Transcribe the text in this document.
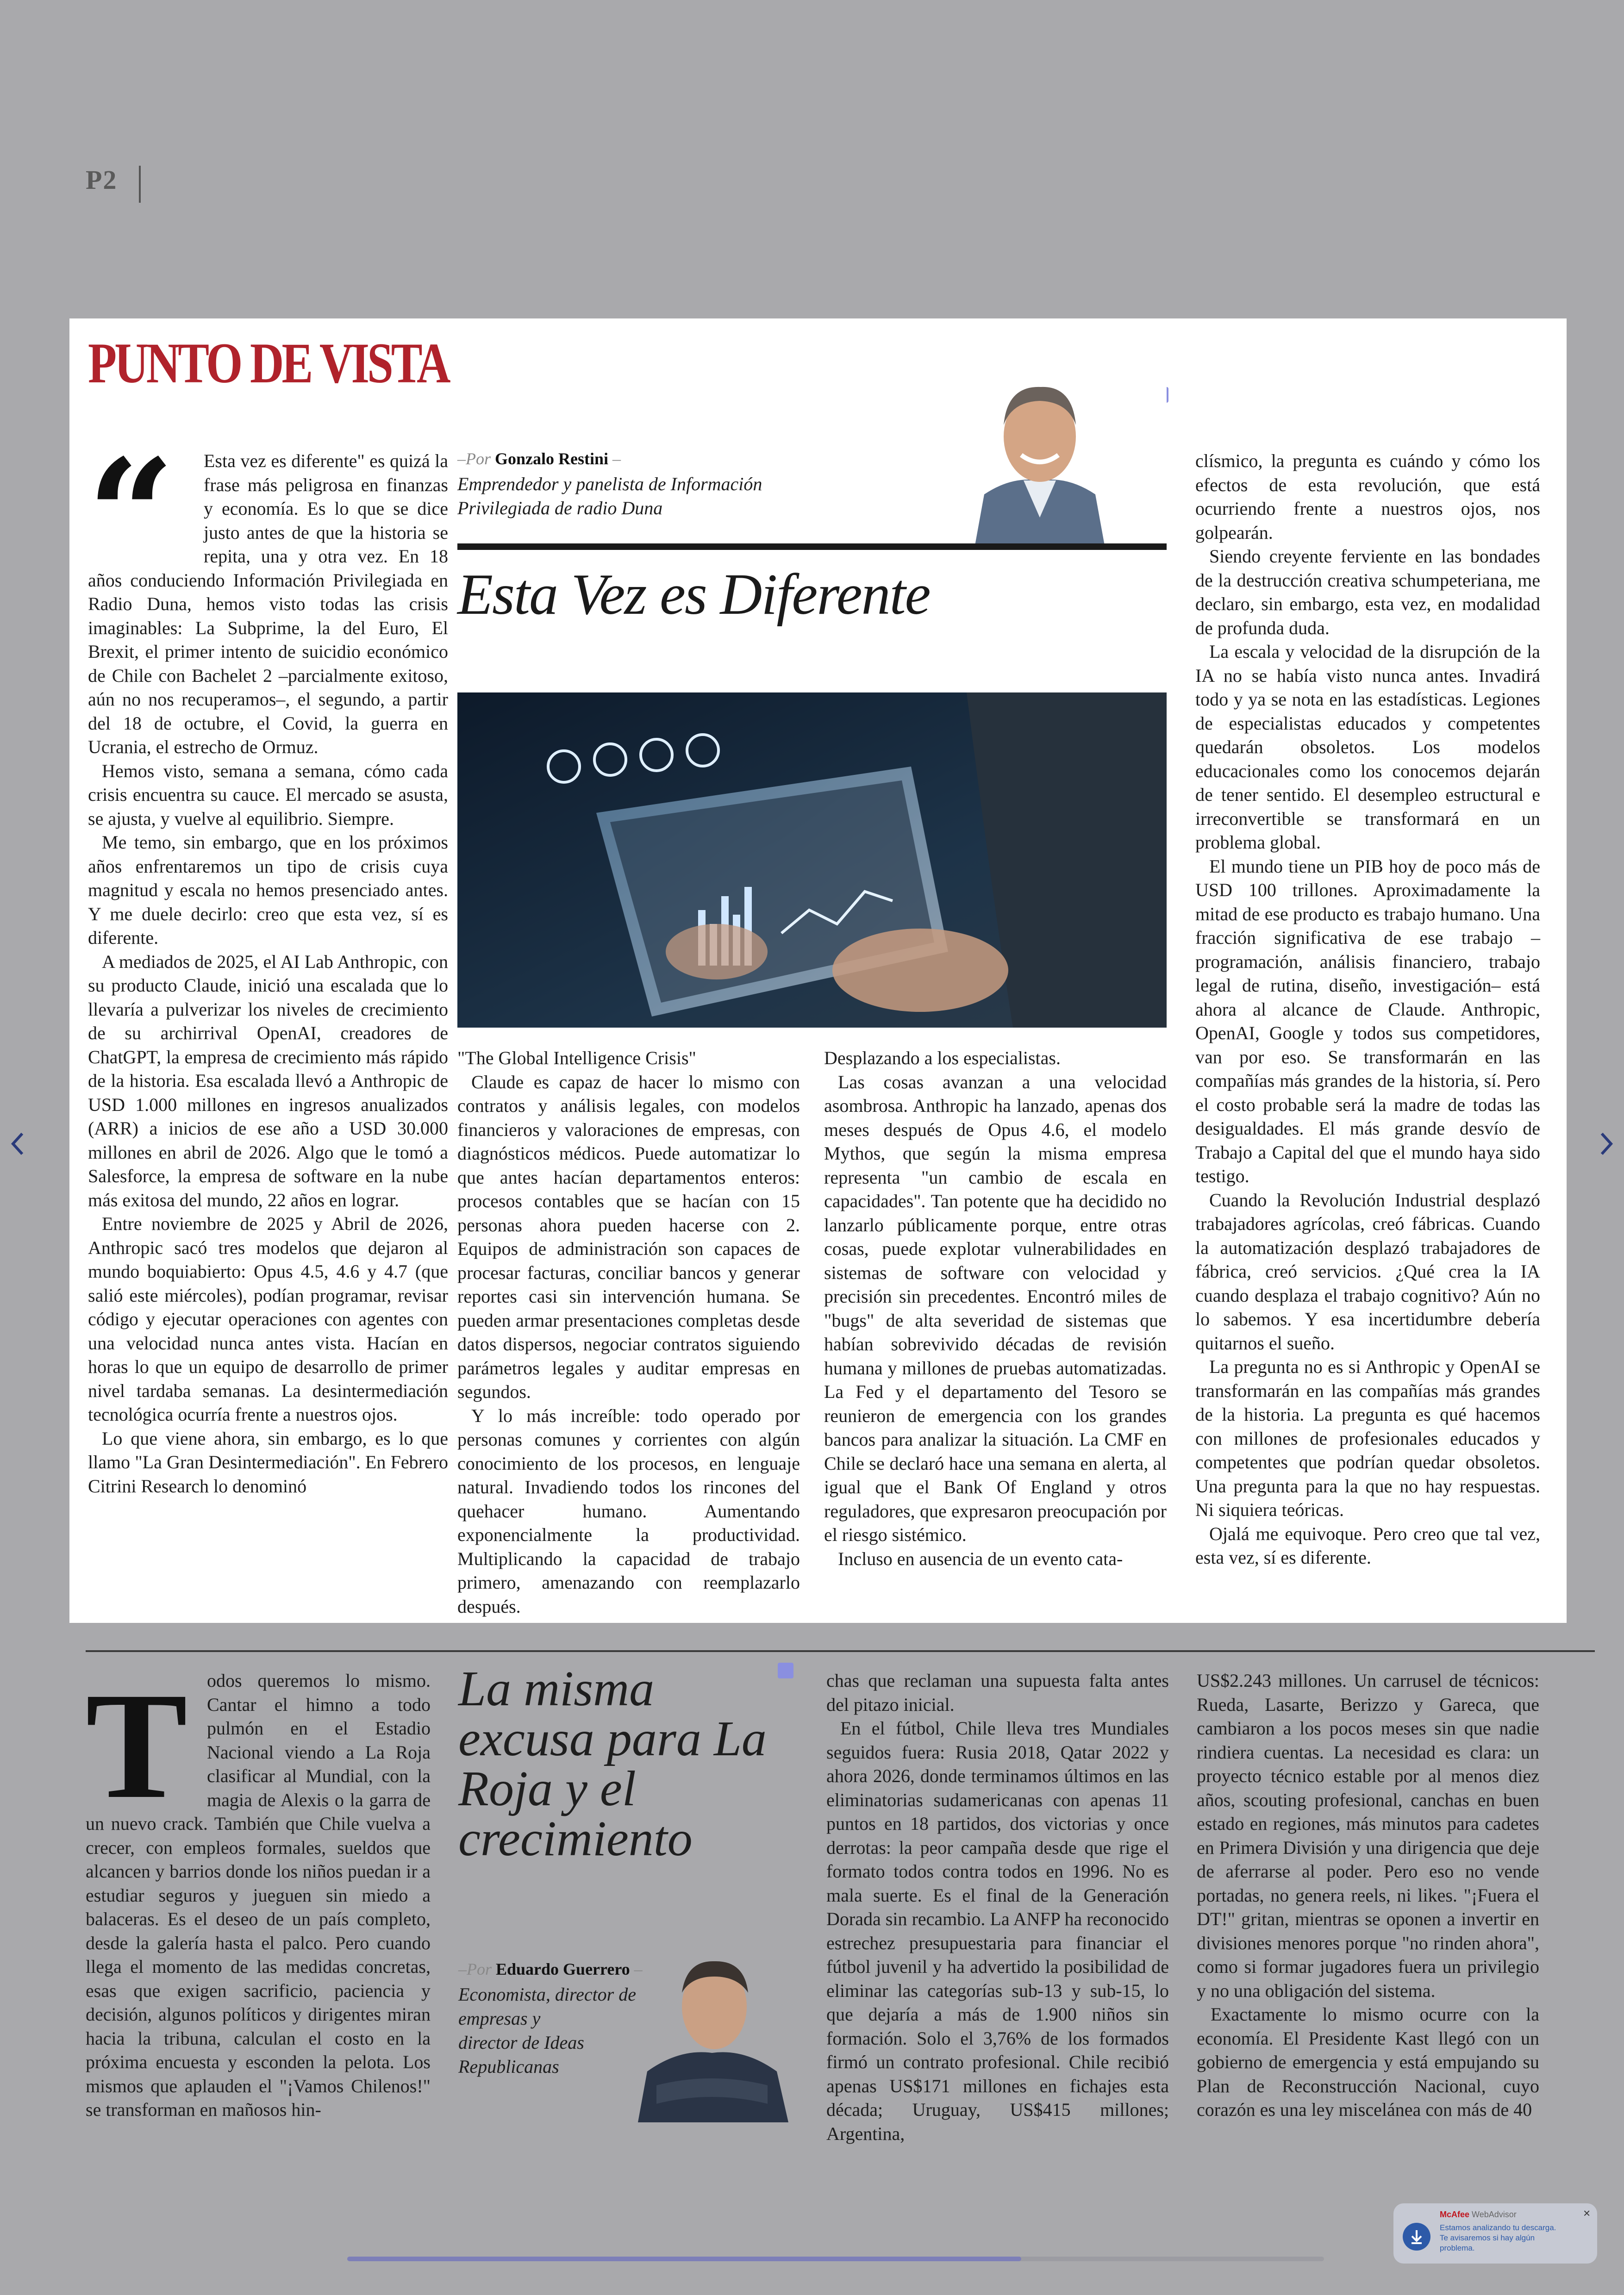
P2
PUNTO DE VISTA
–Por Gonzalo Restini –
Emprendedor y panelista de Información
Privilegiada de radio Duna
Esta Vez es Diferente
“	Esta vez es diferente" es quizá la frase más peligrosa en finanzas y economía. Es lo que se dice justo antes de que la historia se repita, una y otra vez. En 18 años conduciendo Información Privilegiada en Radio Duna, hemos visto todas las crisis imaginables: La Subprime, la del Euro, El Brexit, el primer intento de suicidio económico de Chile con Bachelet 2 –parcialmente exitoso, aún no nos recuperamos–, el segundo, a partir del 18 de octubre, el Covid, la guerra en Ucrania, el estrecho de Ormuz.

Hemos visto, semana a semana, cómo cada crisis encuentra su cauce. El mercado se asusta, se ajusta, y vuelve al equilibrio. Siempre.

Me temo, sin embargo, que en los próximos años enfrentaremos un tipo de crisis cuya magnitud y escala no hemos presenciado antes. Y me duele decirlo: creo que esta vez, sí es diferente.

A mediados de 2025, el AI Lab Anthropic, con su producto Claude, inició una escalada que lo llevaría a pulverizar los niveles de crecimiento de su archirrival OpenAI, creadores de ChatGPT, la empresa de crecimiento más rápido de la historia. Esa escalada llevó a Anthropic de USD 1.000 millones en ingresos anualizados (ARR) a inicios de ese año a USD 30.000 millones en abril de 2026. Algo que le tomó a Salesforce, la empresa de software en la nube más exitosa del mundo, 22 años en lograr.

Entre noviembre de 2025 y Abril de 2026, Anthropic sacó tres modelos que dejaron al mundo boquiabierto: Opus 4.5, 4.6 y 4.7 (que salió este miércoles), podían programar, revisar código y ejecutar operaciones con agentes con una velocidad nunca antes vista. Hacían en horas lo que un equipo de desarrollo de primer nivel tardaba semanas. La desintermediación tecnológica ocurría frente a nuestros ojos.

Lo que viene ahora, sin embargo, es lo que llamo "La Gran Desintermediación". En Febrero Citrini Research lo denominó

"The Global Intelligence Crisis"

Claude es capaz de hacer lo mismo con contratos y análisis legales, con modelos financieros y valoraciones de empresas, con diagnósticos médicos. Puede automatizar lo que antes hacían departamentos enteros: procesos contables que se hacían con 15 personas ahora pueden hacerse con 2. Equipos de administración son capaces de procesar facturas, conciliar bancos y generar reportes casi sin intervención humana. Se pueden armar presentaciones completas desde datos dispersos, negociar contratos siguiendo parámetros legales y auditar empresas en segundos.

Y lo más increíble: todo operado por personas comunes y corrientes con algún conocimiento de los procesos, en lenguaje natural. Invadiendo todos los rincones del quehacer humano. Aumentando exponencialmente la productividad. Multiplicando la capacidad de trabajo primero, amenazando con reemplazarlo después.

Desplazando a los especialistas.

Las cosas avanzan a una velocidad asombrosa. Anthropic ha lanzado, apenas dos meses después de Opus 4.6, el modelo Mythos, que según la misma empresa representa "un cambio de escala en capacidades". Tan potente que ha decidido no lanzarlo públicamente porque, entre otras cosas, puede explotar vulnerabilidades en sistemas de software con velocidad y precisión sin precedentes. Encontró miles de "bugs" de alta severidad de sistemas que habían sobrevivido décadas de revisión humana y millones de pruebas automatizadas. La Fed y el departamento del Tesoro se reunieron de emergencia con los grandes bancos para analizar la situación. La CMF en Chile se declaró hace una semana en alerta, al igual que el Bank Of England y otros reguladores, que expresaron preocupación por el riesgo sistémico.

Incluso en ausencia de un evento cata-

clísmico, la pregunta es cuándo y cómo los efectos de esta revolución, que está ocurriendo frente a nuestros ojos, nos golpearán.

Siendo creyente ferviente en las bondades de la destrucción creativa schumpeteriana, me declaro, sin embargo, esta vez, en modalidad de profunda duda.

La escala y velocidad de la disrupción de la IA no se había visto nunca antes. Invadirá todo y ya se nota en las estadísticas. Legiones de especialistas educados y competentes quedarán obsoletos. Los modelos educacionales como los conocemos dejarán de tener sentido. El desempleo estructural e irreconvertible se transformará en un problema global.

El mundo tiene un PIB hoy de poco más de USD 100 trillones. Aproximadamente la mitad de ese producto es trabajo humano. Una fracción significativa de ese trabajo –programación, análisis financiero, trabajo legal de rutina, diseño, investigación– está ahora al alcance de Claude. Anthropic, OpenAI, Google y todos sus competidores, van por eso. Se transformarán en las compañías más grandes de la historia, sí. Pero el costo probable será la madre de todas las desigualdades. El más grande desvío de Trabajo a Capital del que el mundo haya sido testigo.

Cuando la Revolución Industrial desplazó trabajadores agrícolas, creó fábricas. Cuando la automatización desplazó trabajadores de fábrica, creó servicios. ¿Qué crea la IA cuando desplaza el trabajo cognitivo? Aún no lo sabemos. Y esa incertidumbre debería quitarnos el sueño.

La pregunta no es si Anthropic y OpenAI se transformarán en las compañías más grandes de la historia. La pregunta es qué hacemos con millones de profesionales educados y competentes que podrían quedar obsoletos. Una pregunta para la que no hay respuestas. Ni siquiera teóricas.

Ojalá me equivoque. Pero creo que tal vez, esta vez, sí es diferente.

T	odos queremos lo mismo. Cantar el himno a todo pulmón en el Estadio Nacional viendo a La Roja clasificar al Mundial, con la magia de Alexis o la garra de un nuevo crack. También que Chile vuelva a crecer, con empleos formales, sueldos que alcancen y barrios donde los niños puedan ir a estudiar seguros y jueguen sin miedo a balaceras. Es el deseo de un país completo, desde la galería hasta el palco. Pero cuando llega el momento de las medidas concretas, esas que exigen sacrificio, paciencia y decisión, algunos políticos y dirigentes miran hacia la tribuna, calculan el costo en la próxima encuesta y esconden la pelota. Los mismos que aplauden el "¡Vamos Chilenos!" se transforman en mañosos hin-

La misma excusa para La Roja y el crecimiento
–Por Eduardo Guerrero –
Economista, director de
empresas y
director de Ideas
Republicanas

chas que reclaman una supuesta falta antes del pitazo inicial.

En el fútbol, Chile lleva tres Mundiales seguidos fuera: Rusia 2018, Qatar 2022 y ahora 2026, donde terminamos últimos en las eliminatorias sudamericanas con apenas 11 puntos en 18 partidos, dos victorias y once derrotas: la peor campaña desde que rige el formato todos contra todos en 1996. No es mala suerte. Es el final de la Generación Dorada sin recambio. La ANFP ha reconocido estrechez presupuestaria para financiar el fútbol juvenil y ha advertido la posibilidad de eliminar las categorías sub-13 y sub-15, lo que dejaría a más de 1.900 niños sin formación. Solo el 3,76% de los formados firmó un contrato profesional. Chile recibió apenas US$171 millones en fichajes esta década; Uruguay, US$415 millones; Argentina,

US$2.243 millones. Un carrusel de técnicos: Rueda, Lasarte, Berizzo y Gareca, que cambiaron a los pocos meses sin que nadie rindiera cuentas. La necesidad es clara: un proyecto técnico estable por al menos diez años, scouting profesional, canchas en buen estado en regiones, más minutos para cadetes en Primera División y una dirigencia que deje de aferrarse al poder. Pero eso no vende portadas, no genera reels, ni likes. "¡Fuera el DT!" gritan, mientras se oponen a invertir en divisiones menores porque "no rinden ahora", como si formar jugadores fuera un privilegio y no una obligación del sistema.

Exactamente lo mismo ocurre con la economía. El Presidente Kast llegó con un gobierno de emergencia y está empujando su Plan de Reconstrucción Nacional, cuyo corazón es una ley miscelánea con más de 40

McAfee WebAdvisor
Estamos analizando tu descarga.
Te avisaremos si hay algún
problema.
×
